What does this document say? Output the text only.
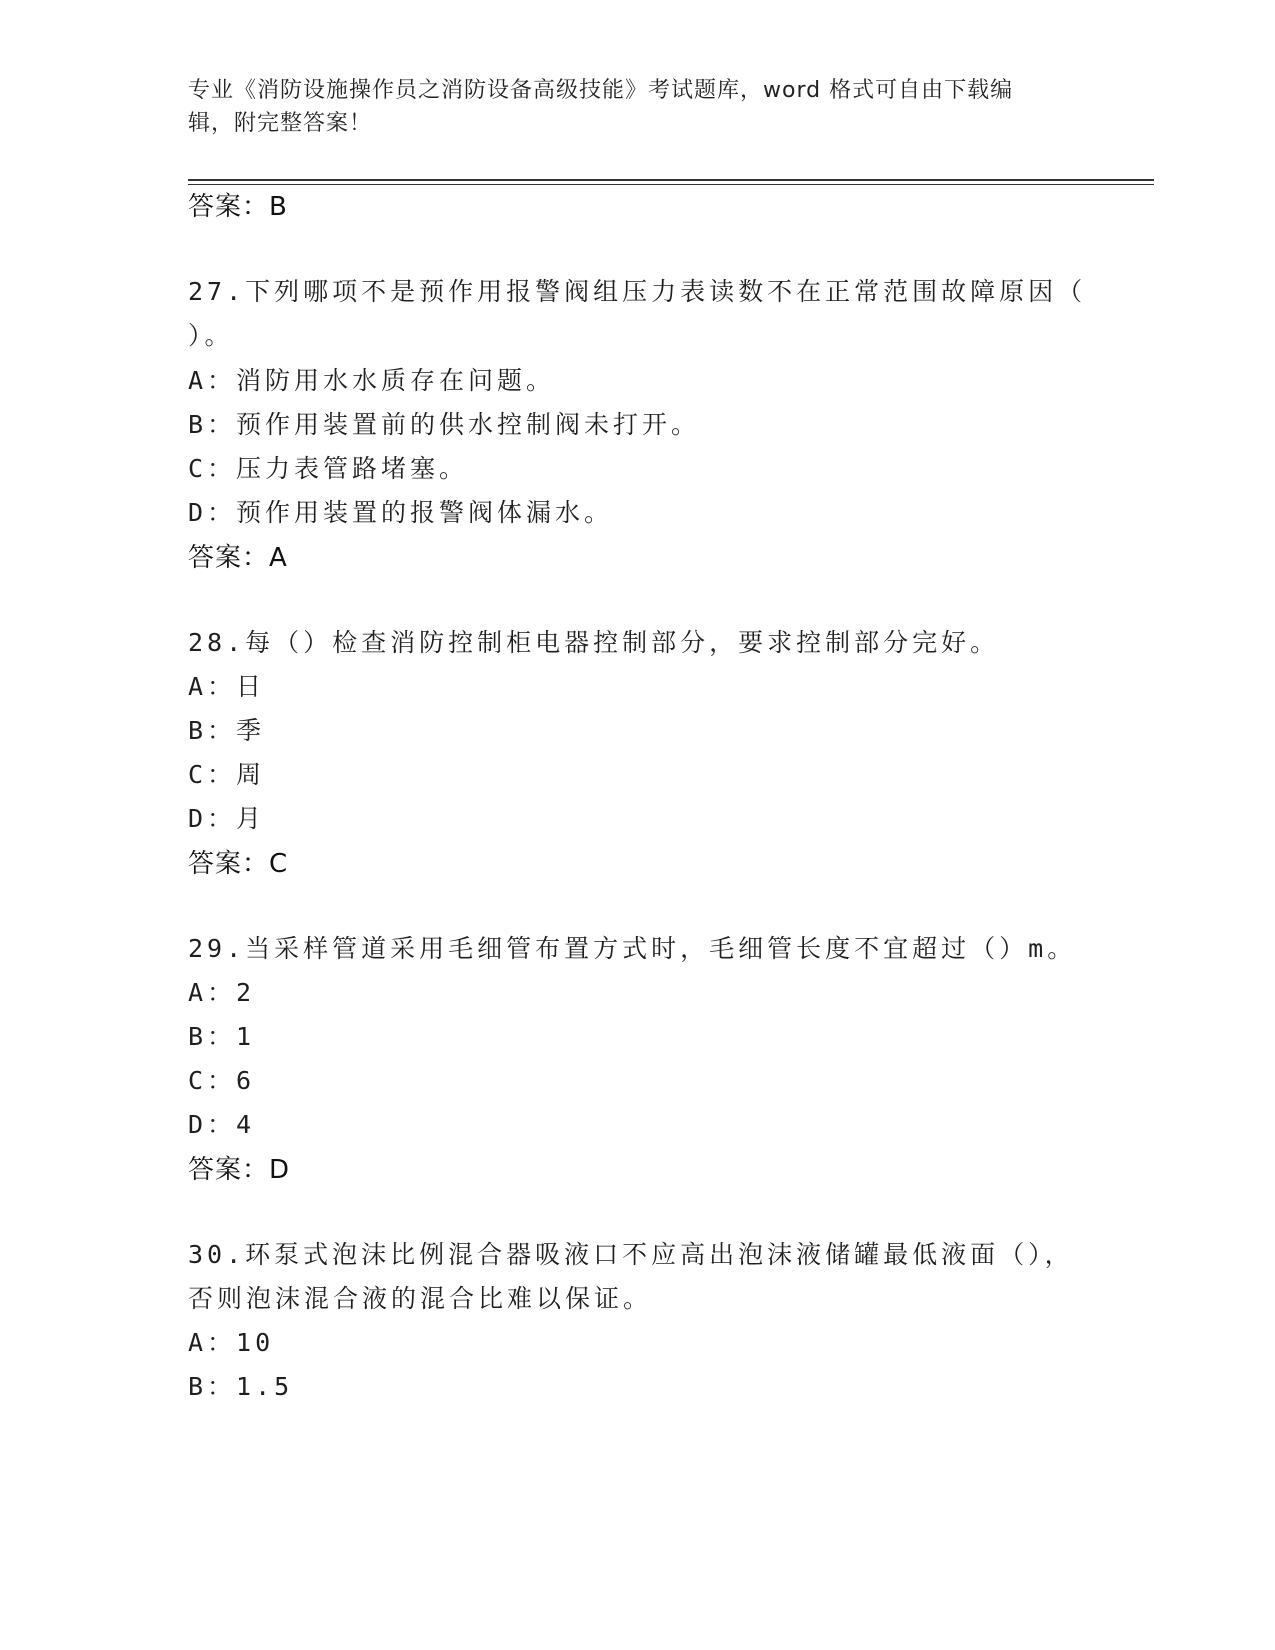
专业《消防设施操作员之消防设备高级技能》考试题库，word 格式可自由下载编
辑，附完整答案！
答案：B
27.下列哪项不是预作用报警阀组压力表读数不在正常范围故障原因（
）。
A：消防用水水质存在问题。
B：预作用装置前的供水控制阀未打开。
C：压力表管路堵塞。
D：预作用装置的报警阀体漏水。
答案：A
28.每（）检查消防控制柜电器控制部分，要求控制部分完好。
A：日
B：季
C：周
D：月
答案：C
29.当采样管道采用毛细管布置方式时，毛细管长度不宜超过（）m。
A：2
B：1
C：6
D：4
答案：D
30.环泵式泡沫比例混合器吸液口不应高出泡沫液储罐最低液面（），
否则泡沫混合液的混合比难以保证。
A：10
B：1.5
